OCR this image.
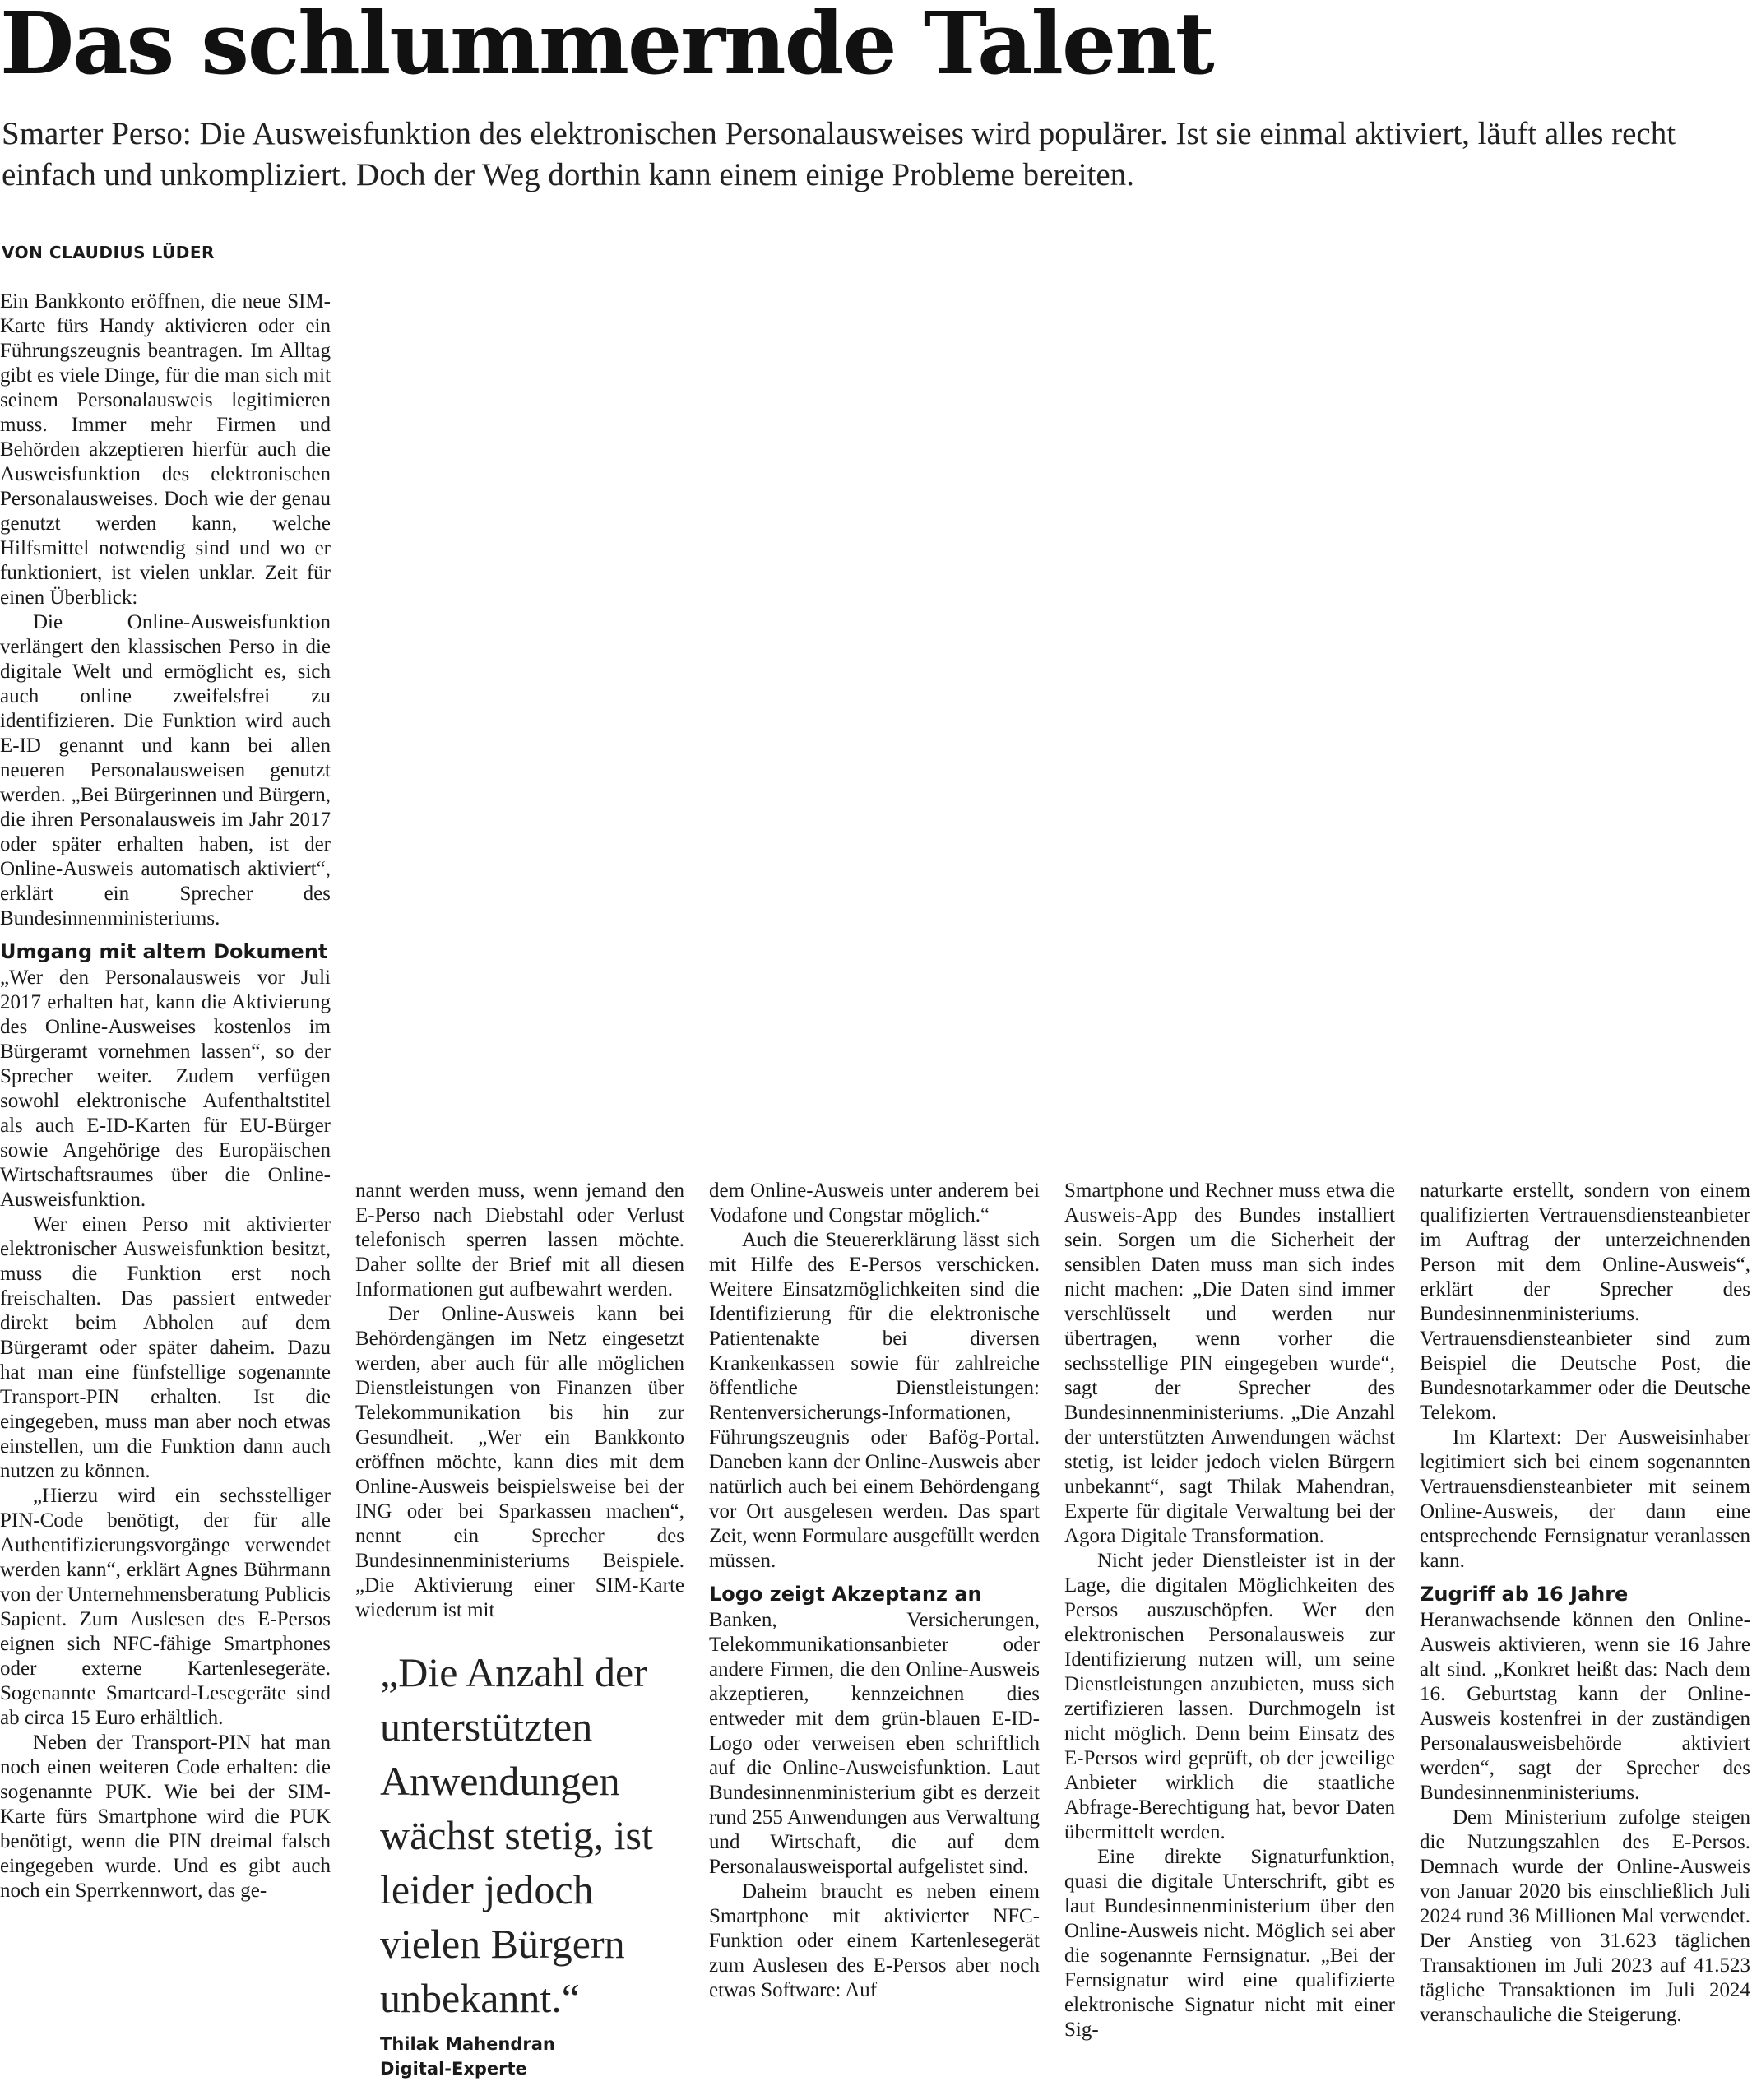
Das schlummernde Talent

Smarter Perso: Die Ausweisfunktion des elektronischen Personalausweises wird populärer. Ist sie einmal aktiviert, läuft alles recht einfach und unkompliziert. Doch der Weg dorthin kann einem einige Probleme bereiten.

VON CLAUDIUS LÜDER

Ein Bankkonto eröffnen, die neue SIM-Karte fürs Handy aktivieren oder ein Führungszeugnis beantragen. Im Alltag gibt es viele Dinge, für die man sich mit seinem Personalausweis legitimieren muss. Immer mehr Firmen und Behörden akzeptieren hierfür auch die Ausweisfunktion des elektronischen Personalausweises. Doch wie der genau genutzt werden kann, welche Hilfsmittel notwendig sind und wo er funktioniert, ist vielen unklar. Zeit für einen Überblick:

Die Online-Ausweisfunktion verlängert den klassischen Perso in die digitale Welt und ermöglicht es, sich auch online zweifelsfrei zu identifizieren. Die Funktion wird auch E-ID genannt und kann bei allen neueren Personalausweisen genutzt werden. „Bei Bürgerinnen und Bürgern, die ihren Personalausweis im Jahr 2017 oder später erhalten haben, ist der Online-Ausweis automatisch aktiviert“, erklärt ein Sprecher des Bundesinnenministeriums.

Umgang mit altem Dokument

„Wer den Personalausweis vor Juli 2017 erhalten hat, kann die Aktivierung des Online-Ausweises kostenlos im Bürgeramt vornehmen lassen“, so der Sprecher weiter. Zudem verfügen sowohl elektronische Aufenthaltstitel als auch E-ID-Karten für EU-Bürger sowie Angehörige des Europäischen Wirtschaftsraumes über die Online-Ausweisfunktion.

Wer einen Perso mit aktivierter elektronischer Ausweisfunktion besitzt, muss die Funktion erst noch freischalten. Das passiert entweder direkt beim Abholen auf dem Bürgeramt oder später daheim. Dazu hat man eine fünfstellige sogenannte Transport-PIN erhalten. Ist die eingegeben, muss man aber noch etwas einstellen, um die Funktion dann auch nutzen zu können.

„Hierzu wird ein sechsstelliger PIN-Code benötigt, der für alle Authentifizierungsvorgänge verwendet werden kann“, erklärt Agnes Bührmann von der Unternehmensberatung Publicis Sapient. Zum Auslesen des E-Persos eignen sich NFC-fähige Smartphones oder externe Kartenlesegeräte. Sogenannte Smartcard-Lesegeräte sind ab circa 15 Euro erhältlich.

Neben der Transport-PIN hat man noch einen weiteren Code erhalten: die sogenannte PUK. Wie bei der SIM-Karte fürs Smartphone wird die PUK benötigt, wenn die PIN dreimal falsch eingegeben wurde. Und es gibt auch noch ein Sperrkennwort, das ge-

nannt werden muss, wenn jemand den E-Perso nach Diebstahl oder Verlust telefonisch sperren lassen möchte. Daher sollte der Brief mit all diesen Informationen gut aufbewahrt werden.

Der Online-Ausweis kann bei Behördengängen im Netz eingesetzt werden, aber auch für alle möglichen Dienstleistungen von Finanzen über Telekommunikation bis hin zur Gesundheit. „Wer ein Bankkonto eröffnen möchte, kann dies mit dem Online-Ausweis beispielsweise bei der ING oder bei Sparkassen machen“, nennt ein Sprecher des Bundesinnenministeriums Beispiele. „Die Aktivierung einer SIM-Karte wiederum ist mit

„Die Anzahl der unterstützten Anwendungen wächst stetig, ist leider jedoch vielen Bürgern unbekannt.“

Thilak Mahendran

Digital-Experte

dem Online-Ausweis unter anderem bei Vodafone und Congstar möglich.“

Auch die Steuererklärung lässt sich mit Hilfe des E-Persos verschicken. Weitere Einsatzmöglichkeiten sind die Identifizierung für die elektronische Patientenakte bei diversen Krankenkassen sowie für zahlreiche öffentliche Dienstleistungen: Rentenversicherungs-Informationen, Führungszeugnis oder Bafög-Portal. Daneben kann der Online-Ausweis aber natürlich auch bei einem Behördengang vor Ort ausgelesen werden. Das spart Zeit, wenn Formulare ausgefüllt werden müssen.

Logo zeigt Akzeptanz an

Banken, Versicherungen, Telekommunikationsanbieter oder andere Firmen, die den Online-Ausweis akzeptieren, kennzeichnen dies entweder mit dem grün-blauen E-ID-Logo oder verweisen eben schriftlich auf die Online-Ausweisfunktion. Laut Bundesinnenministerium gibt es derzeit rund 255 Anwendungen aus Verwaltung und Wirtschaft, die auf dem Personalausweisportal aufgelistet sind.

Daheim braucht es neben einem Smartphone mit aktivierter NFC-Funktion oder einem Kartenlesegerät zum Auslesen des E-Persos aber noch etwas Software: Auf

Smartphone und Rechner muss etwa die Ausweis-App des Bundes installiert sein. Sorgen um die Sicherheit der sensiblen Daten muss man sich indes nicht machen: „Die Daten sind immer verschlüsselt und werden nur übertragen, wenn vorher die sechsstellige PIN eingegeben wurde“, sagt der Sprecher des Bundesinnenministeriums. „Die Anzahl der unterstützten Anwendungen wächst stetig, ist leider jedoch vielen Bürgern unbekannt“, sagt Thilak Mahendran, Experte für digitale Verwaltung bei der Agora Digitale Transformation.

Nicht jeder Dienstleister ist in der Lage, die digitalen Möglichkeiten des Persos auszuschöpfen. Wer den elektronischen Personalausweis zur Identifizierung nutzen will, um seine Dienstleistungen anzubieten, muss sich zertifizieren lassen. Durchmogeln ist nicht möglich. Denn beim Einsatz des E-Persos wird geprüft, ob der jeweilige Anbieter wirklich die staatliche Abfrage-Berechtigung hat, bevor Daten übermittelt werden.

Eine direkte Signaturfunktion, quasi die digitale Unterschrift, gibt es laut Bundesinnenministerium über den Online-Ausweis nicht. Möglich sei aber die sogenannte Fernsignatur. „Bei der Fernsignatur wird eine qualifizierte elektronische Signatur nicht mit einer Sig-

naturkarte erstellt, sondern von einem qualifizierten Vertrauensdiensteanbieter im Auftrag der unterzeichnenden Person mit dem Online-Ausweis“, erklärt der Sprecher des Bundesinnenministeriums. Vertrauensdiensteanbieter sind zum Beispiel die Deutsche Post, die Bundesnotarkammer oder die Deutsche Telekom.

Im Klartext: Der Ausweisinhaber legitimiert sich bei einem sogenannten Vertrauensdiensteanbieter mit seinem Online-Ausweis, der dann eine entsprechende Fernsignatur veranlassen kann.

Zugriff ab 16 Jahre

Heranwachsende können den Online-Ausweis aktivieren, wenn sie 16 Jahre alt sind. „Konkret heißt das: Nach dem 16. Geburtstag kann der Online-Ausweis kostenfrei in der zuständigen Personalausweisbehörde aktiviert werden“, sagt der Sprecher des Bundesinnenministeriums.

Dem Ministerium zufolge steigen die Nutzungszahlen des E-Persos. Demnach wurde der Online-Ausweis von Januar 2020 bis einschließlich Juli 2024 rund 36 Millionen Mal verwendet. Der Anstieg von 31.623 täglichen Transaktionen im Juli 2023 auf 41.523 tägliche Transaktionen im Juli 2024 veranschauliche die Steigerung.
